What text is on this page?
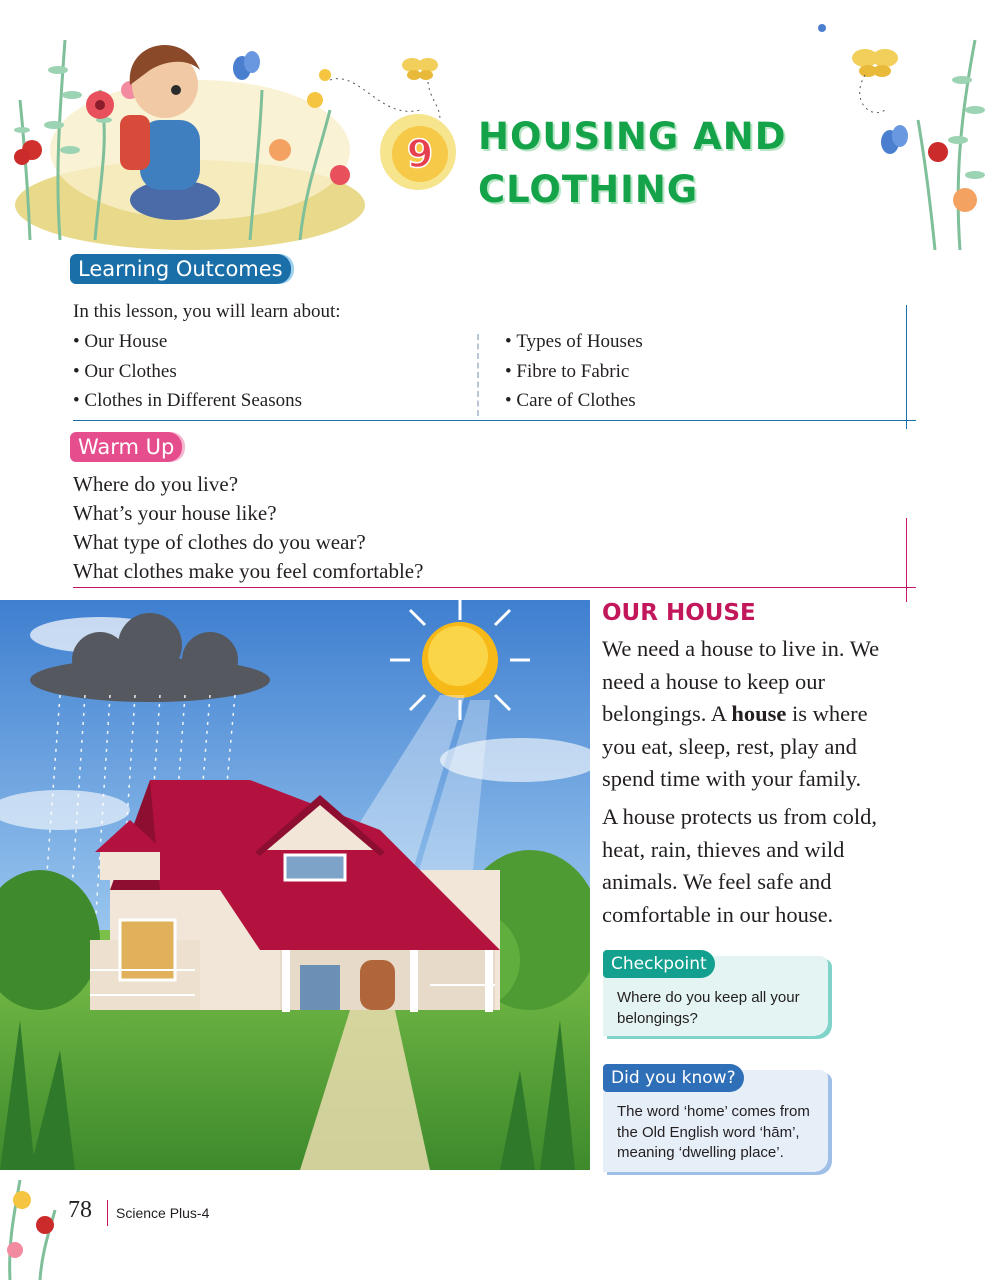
9 HOUSING AND
CLOTHING
Learning Outcomes
In this lesson, you will learn about:
• Our House
• Our Clothes
• Clothes in Different Seasons
• Types of Houses
• Fibre to Fabric
• Care of Clothes
Warm Up
Where do you live?
What’s your house like?
What type of clothes do you wear?
What clothes make you feel comfortable?
OUR HOUSE

We need a house to live in. We need a house to keep our belongings. A house is where you eat, sleep, rest, play and spend time with your family.

A house protects us from cold, heat, rain, thieves and wild animals. We feel safe and comfortable in our house.

Checkpoint

Where do you keep all your belongings?

Did you know?

The word ‘home’ comes from the Old English word ‘hām’, meaning ‘dwelling place’.

78 Science Plus-4
